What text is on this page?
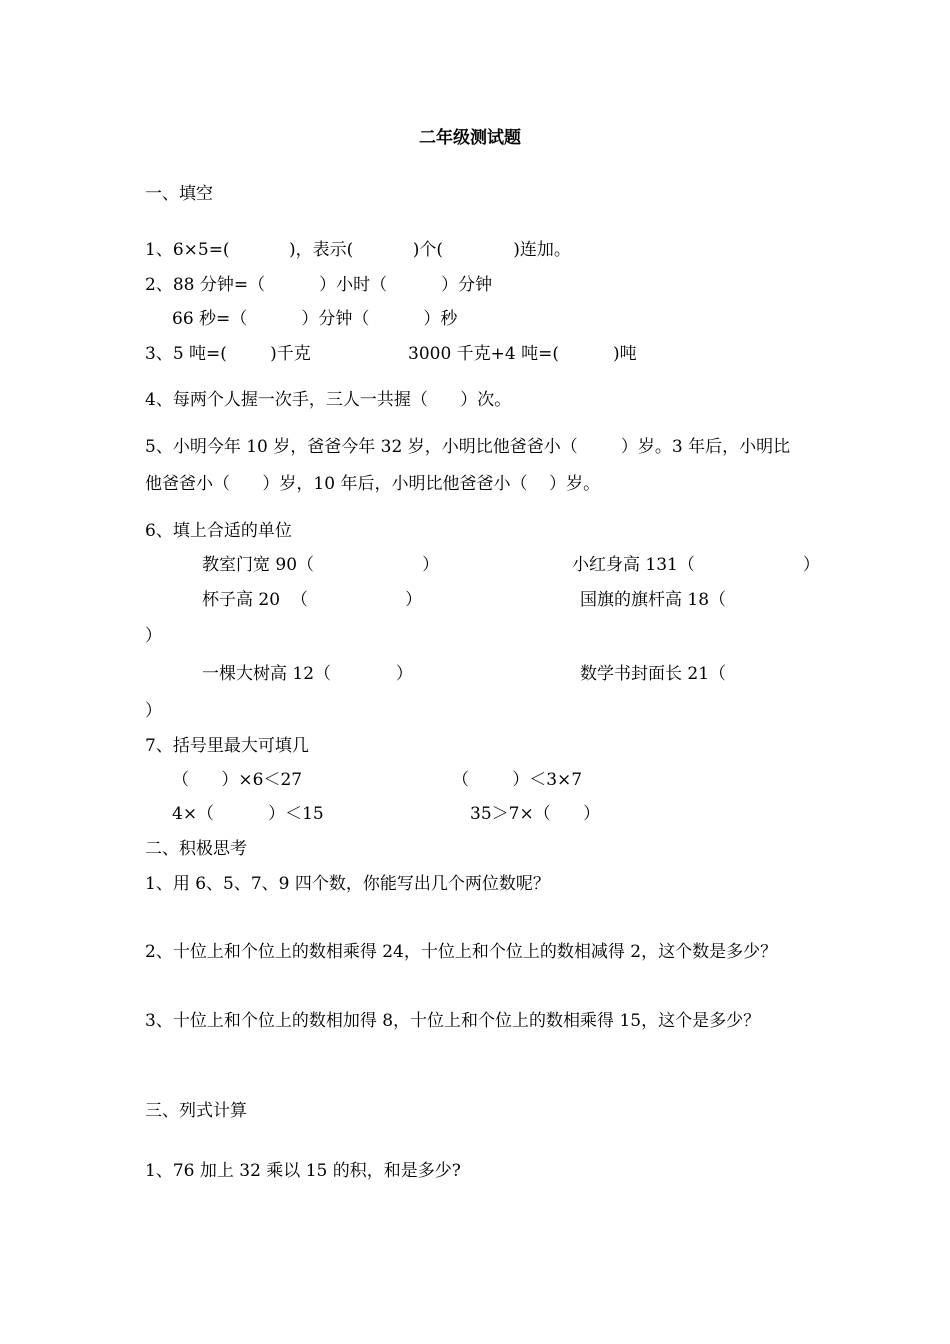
二年级测试题
一、填空
1、6×5=(           )，表示(           )个(             )连加。
2、88 分钟=（          ）小时（          ）分钟
66 秒=（          ）分钟（          ）秒
3、5 吨=(        )千克	3000 千克+4 吨=(          )吨
4、每两个人握一次手，三人一共握（      ）次。
5、小明今年 10 岁，爸爸今年 32 岁，小明比他爸爸小（        ）岁。3 年后，小明比
他爸爸小（      ）岁，10 年后，小明比他爸爸小（    ）岁。
6、填上合适的单位
教室门宽 90（                    ）	小红身高 131（                    ）
杯子高 20  （                  ）	国旗的旗杆高 18（
）
一棵大树高 12（            ）	数学书封面长 21（
）
7、括号里最大可填几
（      ）×6＜27	（        ）＜3×7
4×（          ）＜15	35＞7×（      ）
二、积极思考
1、用 6、5、7、9 四个数，你能写出几个两位数呢？
2、十位上和个位上的数相乘得 24，十位上和个位上的数相减得 2，这个数是多少？
3、十位上和个位上的数相加得 8，十位上和个位上的数相乘得 15，这个是多少？
三、列式计算
1、76 加上 32 乘以 15 的积，和是多少?
